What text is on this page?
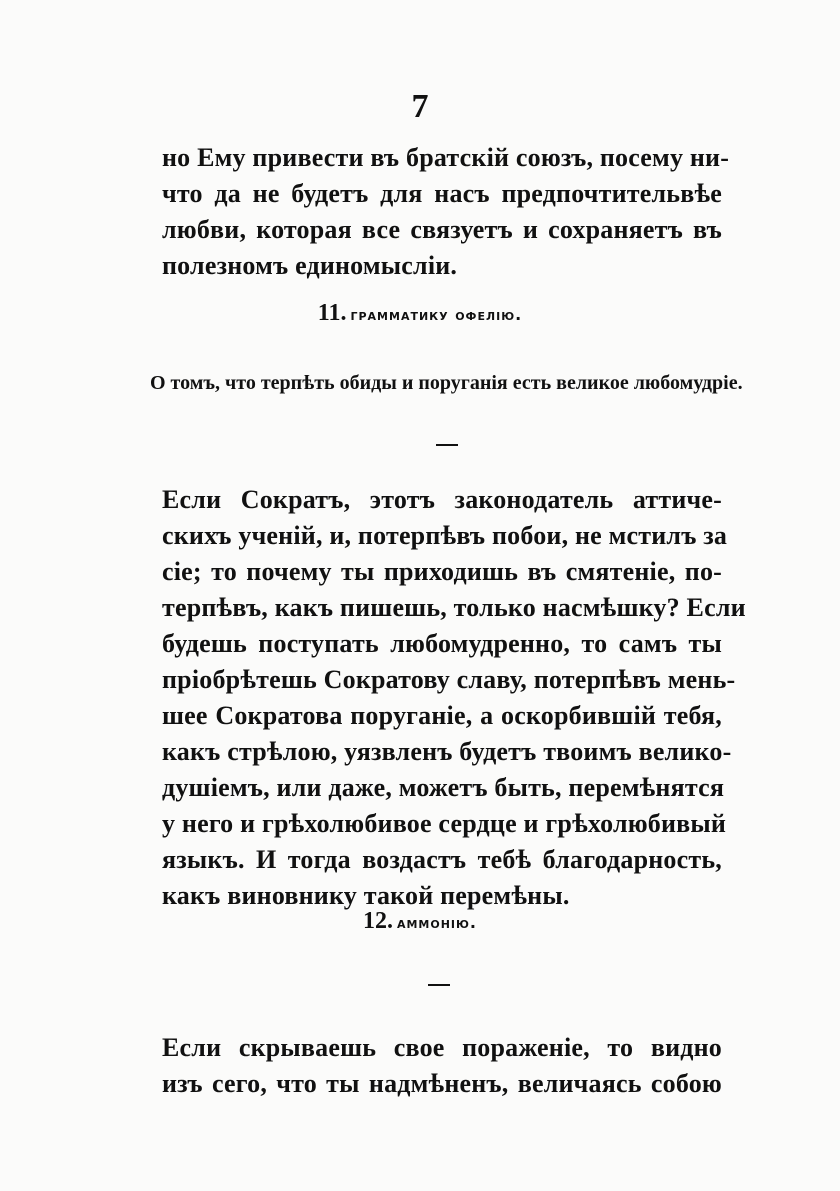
7
но Ему привести въ братскій союзъ, посему ни-
что да не будетъ для насъ предпочтительвѣе
любви, которая все связуетъ и сохраняетъ въ
полезномъ единомысліи.
11. грамматику офелію.
О томъ, что терпѣть обиды и поруганія есть великое любомудріе.
Если Сократъ, этотъ законодатель аттиче-
скихъ ученій, и, потерпѣвъ побои, не мстилъ за
сіе; то почему ты приходишь въ смятеніе, по-
терпѣвъ, какъ пишешь, только насмѣшку? Если
будешь поступать любомудренно, то самъ ты
пріобрѣтешь Сократову славу, потерпѣвъ мень-
шее Сократова поруганіе, а оскорбившій тебя,
какъ стрѣлою, уязвленъ будетъ твоимъ велико-
душіемъ, или даже, можетъ быть, перемѣнятся
у него и грѣхолюбивое сердце и грѣхолюбивый
языкъ. И тогда воздастъ тебѣ благодарность,
какъ виновнику такой перемѣны.
12. аммонію.
Если скрываешь свое пораженіе, то видно
изъ сего, что ты надмѣненъ, величаясь собою
